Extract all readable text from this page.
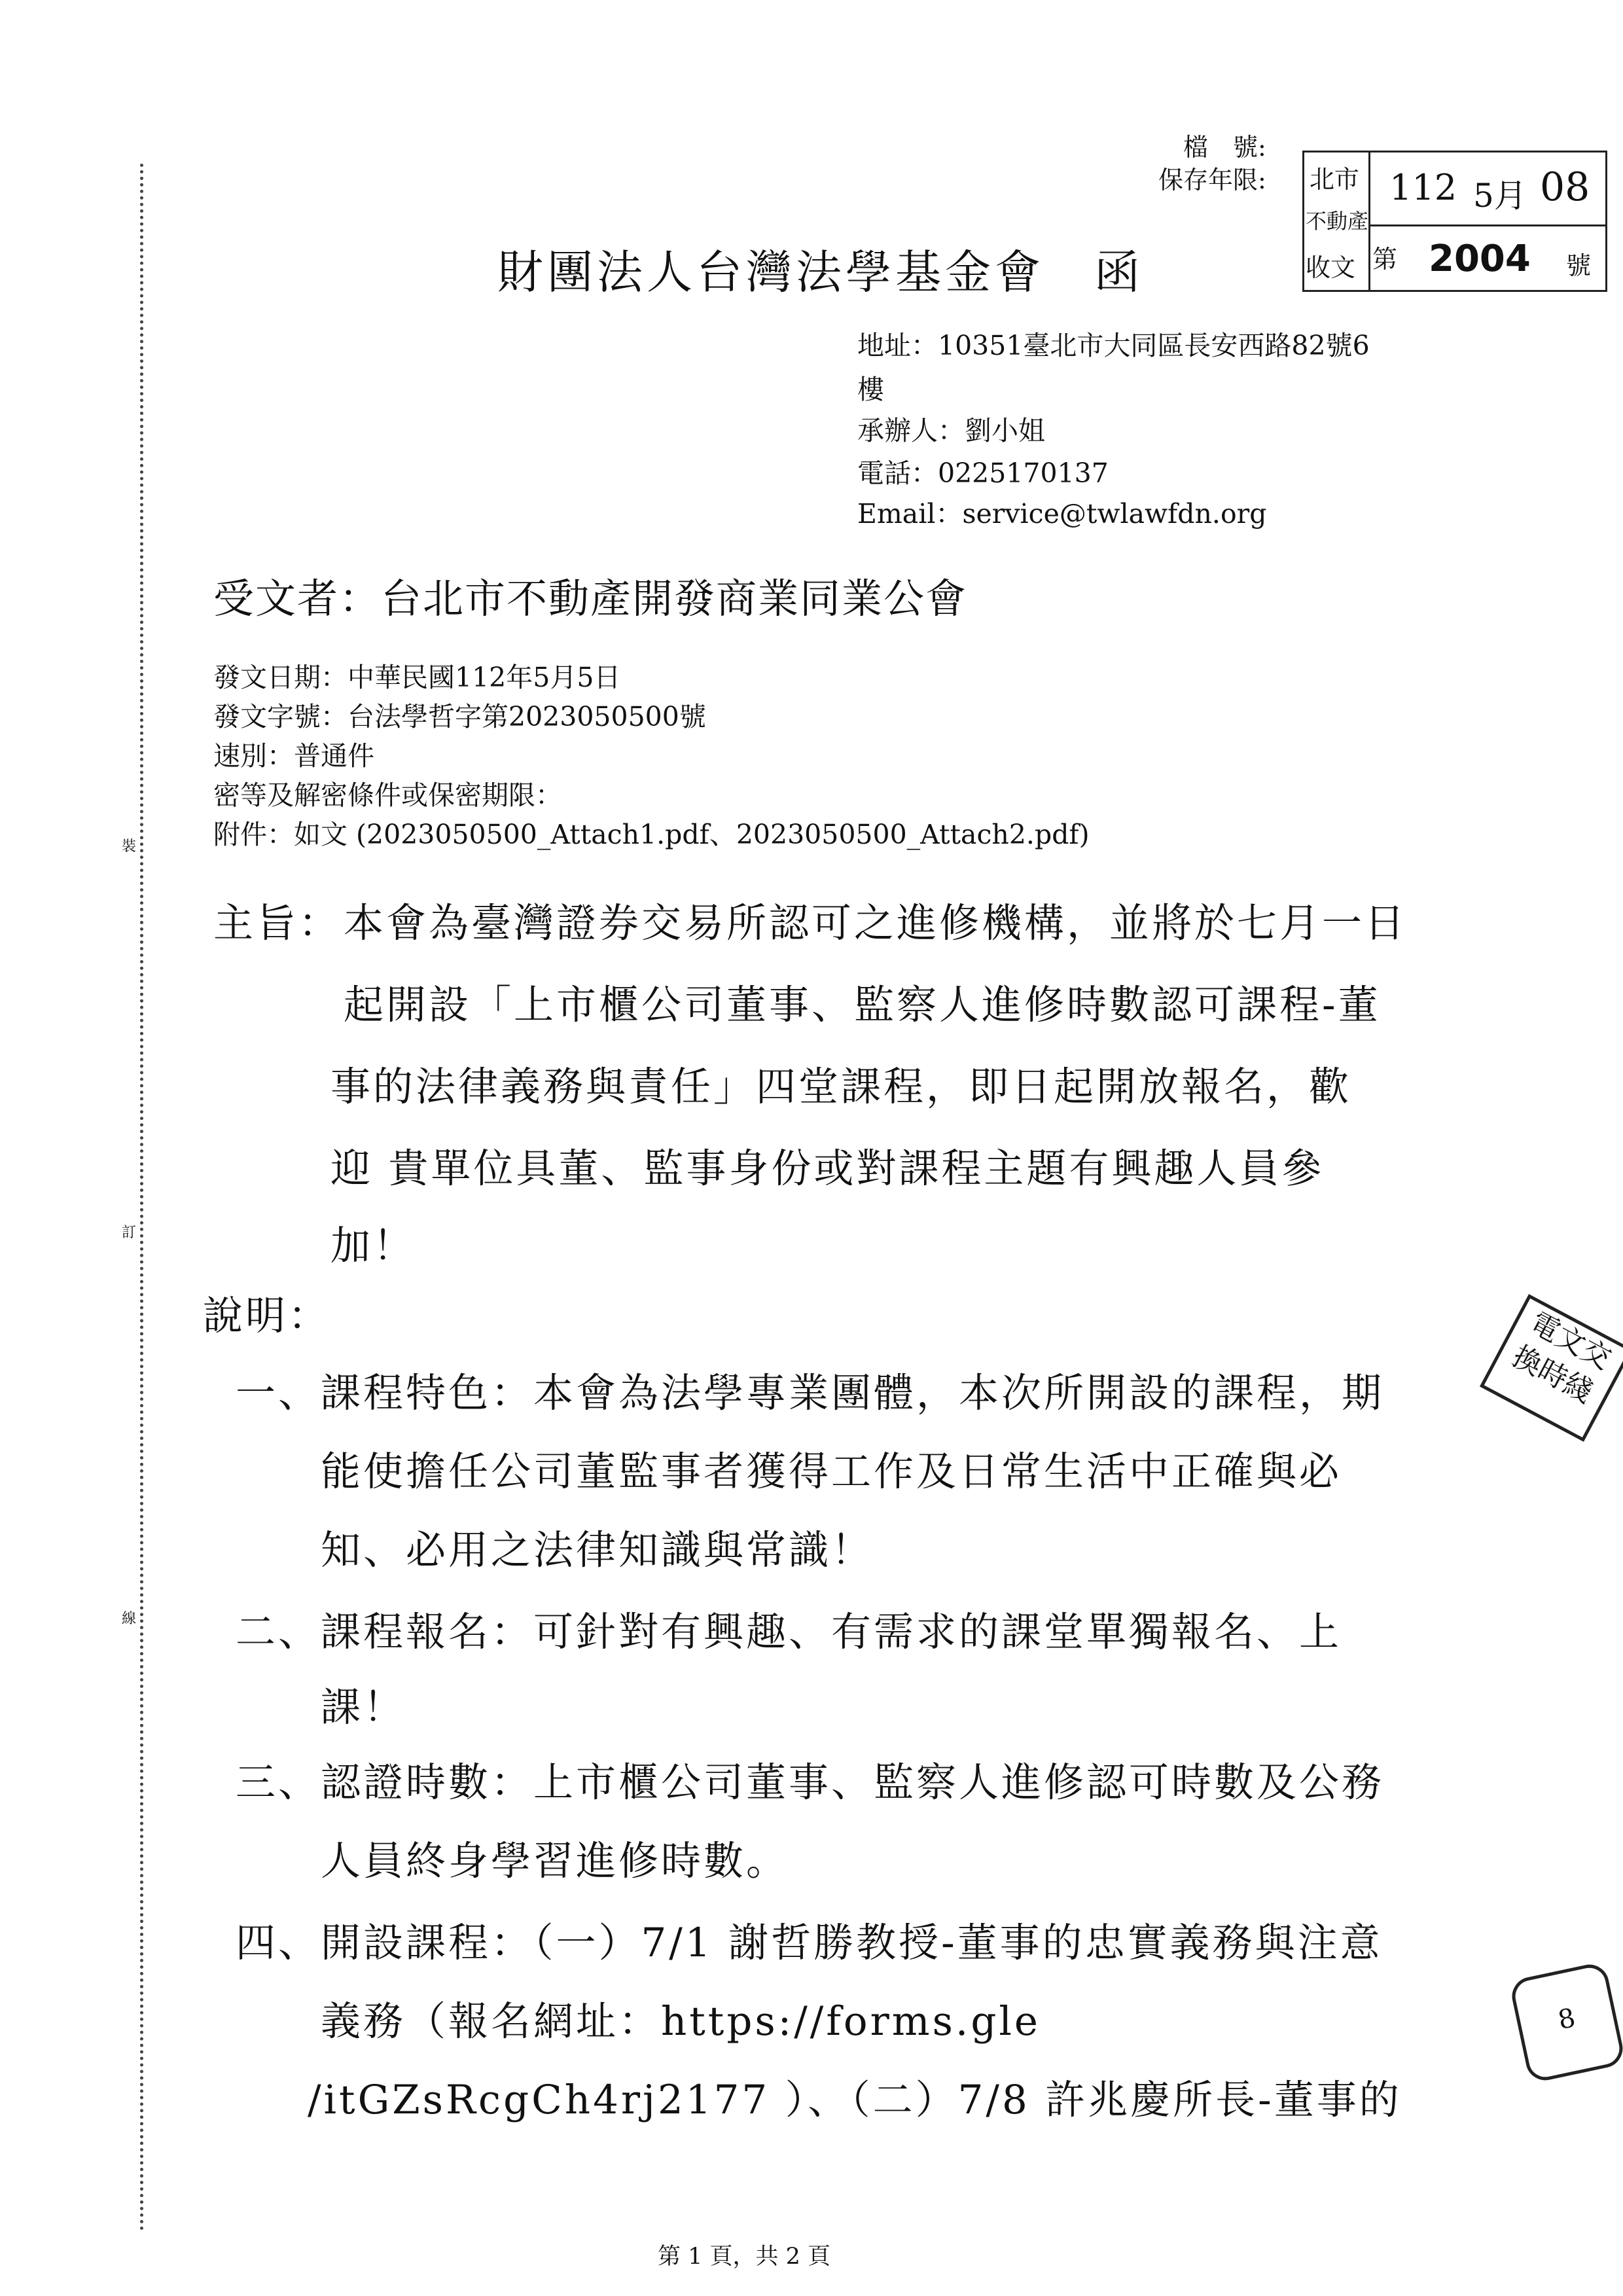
裝
訂
線
檔　號:
保存年限: 北市
不動產
收文
112 5月 08
第 2004 號
財團法人台灣法學基金會　函
地址：10351臺北市大同區長安西路82號6
樓
承辦人：劉小姐
電話：0225170137
Email：service@twlawfdn.org
受文者：台北市不動產開發商業同業公會
發文日期：中華民國112年5月5日
發文字號：台法學哲字第2023050500號
速別：普通件
密等及解密條件或保密期限：
附件：如文 (2023050500_Attach1.pdf、2023050500_Attach2.pdf)
主旨： 本會為臺灣證券交易所認可之進修機構，並將於七月一日
起開設「上市櫃公司董事、監察人進修時數認可課程-董
事的法律義務與責任」四堂課程，即日起開放報名，歡
迎 貴單位具董、監事身份或對課程主題有興趣人員參
加！
說明：
一、 課程特色：本會為法學專業團體，本次所開設的課程，期
能使擔任公司董監事者獲得工作及日常生活中正確與必
知、必用之法律知識與常識！
二、 課程報名：可針對有興趣、有需求的課堂單獨報名、上
課！
三、 認證時數：上市櫃公司董事、監察人進修認可時數及公務
人員終身學習進修時數。
四、 開設課程：（一）7/1 謝哲勝教授-董事的忠實義務與注意
義務（報名網址：https://forms.gle
/itGZsRcgCh4rj2177 ）、（二）7/8 許兆慶所長-董事的
電文交
換時綫
8
第 1 頁，共 2 頁
